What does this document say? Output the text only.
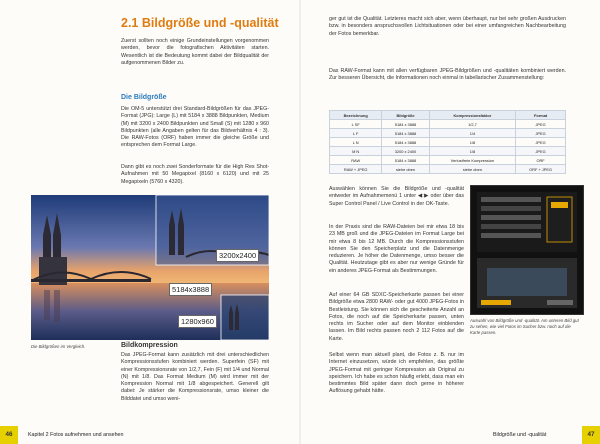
2.1 Bildgröße und -qualität

Zuerst sollten noch einige Grundeinstellungen vorgenommen werden, bevor die fotografischen Aktivitäten starten. Wesentlich ist die Bedeutung kommt dabei der Bildqualität der aufgenommenen Bilder zu.

Die Bildgröße

Die OM-5 unterstützt drei Standard-Bildgrößen für das JPEG-Format (JPG): Large (L) mit 5184 x 3888 Bildpunkten, Medium (M) mit 3200 x 2400 Bildpunkten und Small (S) mit 1280 x 960 Bildpunkten (alle Angaben gelten für das Bildverhältnis 4 : 3). Die RAW-Fotos (ORF) haben immer die gleiche Größe und entsprechen dem Format Large.

Dann gibt es noch zwei Sonderformate für die High Res Shot-Aufnahmen mit 50 Megapixel (8160 x 6120) und mit 25 Megapixeln (5760 x 4320).

5184x3888
3200x2400
1280x960
Die Bildgrößen im Vergleich.	Bildkompression

Das JPEG-Format kann zusätzlich mit drei unterschiedlichen Kompressionsstufen kombiniert werden. Superfein (SF) mit einer Kompressionsrate von 1/2,7, Fein (F) mit 1/4 und Normal (N) mit 1/8. Das Format Medium (M) wird immer mit der Kompression Normal mit 1/8 abgespeichert. Generell gilt dabei: Je stärker die Kompressionsrate, umso kleiner die Bilddatei und umso weni-

46	Kapitel 2 Fotos aufnehmen und ansehen

ger gut ist die Qualität. Letzteres macht sich aber, wenn überhaupt, nur bei sehr großen Ausdrucken bzw. in besonders anspruchsvollen Lichtsituationen oder bei einer umfangreichen Nachbearbeitung der Fotos bemerkbar.

Das RAW-Format kann mit allen verfügbaren JPEG-Bildgrößen und -qualitäten kombiniert werden. Zur besseren Übersicht, die Informationen noch einmal in tabellarischer Zusammenstellung:

Bezeichnung	Bildgröße	Kompressionsfaktor	Format
L SF	5184 x 3888	1/2,7	JPEG
L F	5184 x 3888	1/4	JPEG
L N	5184 x 3888	1/8	JPEG
M N	3200 x 2400	1/8	JPEG
RAW	5184 x 3888	Verlustfreie Kompression	ORF
RAW + JPEG	siehe oben	siehe oben	ORF + JPEG

Auswählen können Sie die Bildgröße und -qualität entweder im Aufnahmemenü 1 unter ◀:▶ oder über das Super Control Panel / Live Control in der OK-Taste.

In der Praxis sind die RAW-Dateien bei mir etwa 18 bis 23 MB groß und die JPEG-Dateien im Format Large bei mir etwa 8 bis 12 MB. Durch die Kompressionsstufen können Sie den Speicherplatz und die Datenmenge reduzieren. Je höher die Datenmenge, umso besser die Qualität. Heutzutage gibt es aber nur wenige Gründe für ein anderes JPEG-Format als Bestimmungen.

Auf einer 64 GB SDXC-Speicherkarte passen bei einer Bildgröße etwa 2800 RAW- oder gut 4000 JPEG-Fotos in Bestleistung. Sie können sich die gescheiterte Anzahl an Fotos, die noch auf die Speicherkarte passen, unten rechts im Sucher oder auf dem Monitor einblenden lassen. Im Bild rechts passen noch 2 112 Fotos auf die Karte.

Selbst wenn man aktuell plant, die Fotos z. B. nur im Internet einzusetzen, würde ich empfehlen, das größte JPEG-Format mit geringer Kompression als Original zu speichern. Ich habe es schon häufig erlebt, dass man ein bestimmtes Bild später dann doch gerne in höherer Auflösung gehabt hätte.

Auswahl von Bildgröße und -qualität. Am unteren Bild gut zu sehen, wie viel Fotos im Sucher bzw. noch auf die Karte passen.
Bildgröße und -qualität	47
